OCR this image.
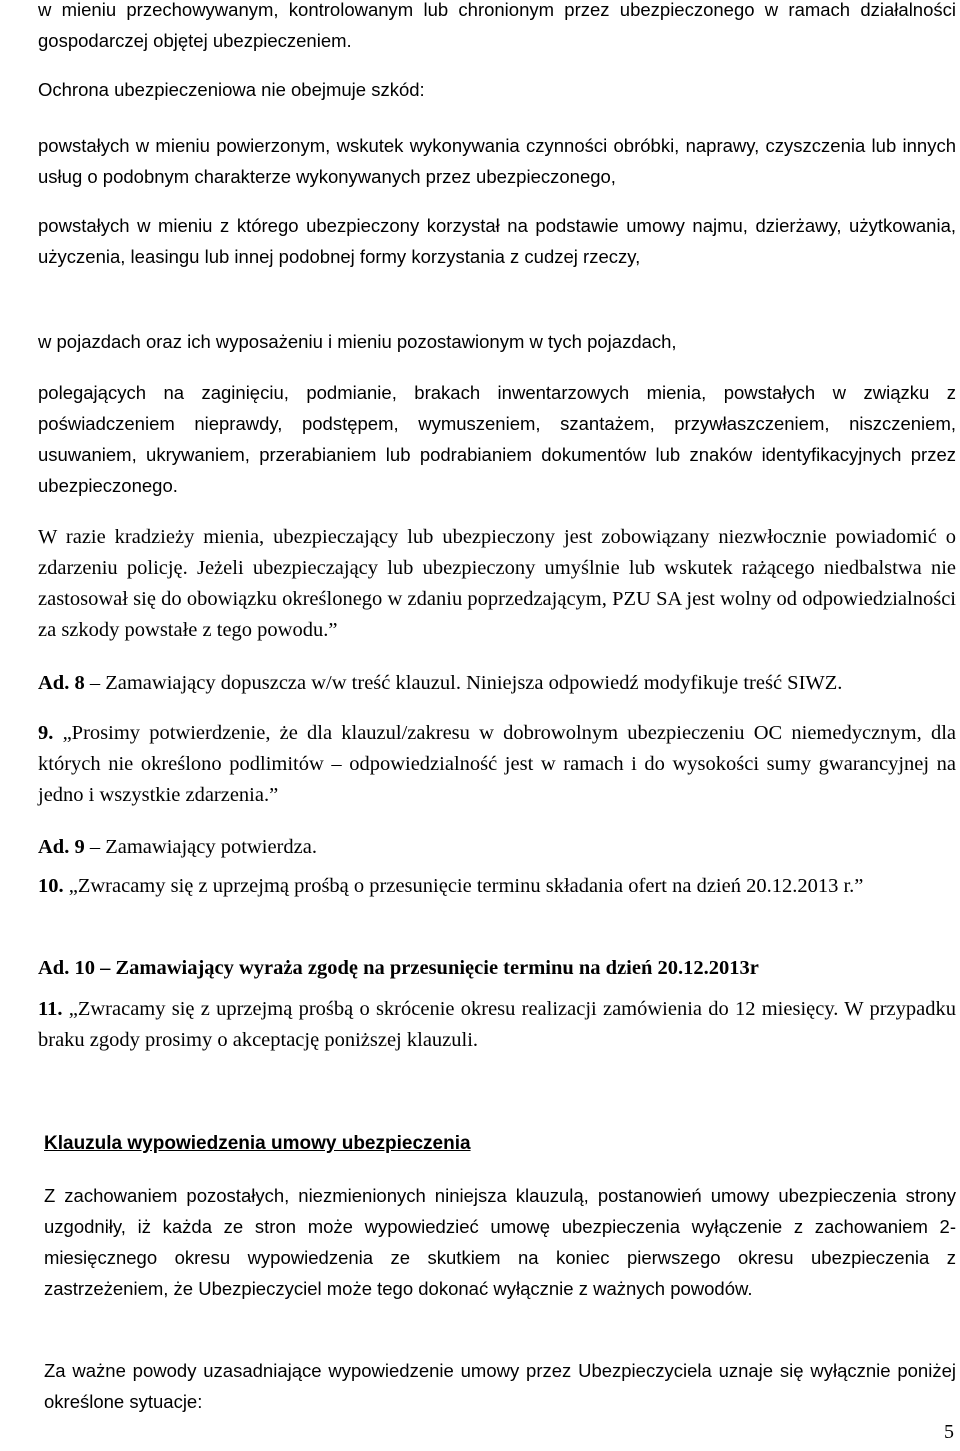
w mieniu przechowywanym, kontrolowanym lub chronionym przez ubezpieczonego w ramach działalności gospodarczej objętej ubezpieczeniem.

Ochrona ubezpieczeniowa nie obejmuje szkód:

powstałych w mieniu powierzonym, wskutek wykonywania czynności obróbki, naprawy, czyszczenia lub innych usług o podobnym charakterze wykonywanych przez ubezpieczonego,

powstałych w mieniu z którego ubezpieczony korzystał na podstawie umowy najmu, dzierżawy, użytkowania, użyczenia, leasingu lub innej podobnej formy korzystania z cudzej rzeczy,

w pojazdach oraz ich wyposażeniu i mieniu pozostawionym w tych pojazdach,

polegających na zaginięciu, podmianie, brakach inwentarzowych mienia, powstałych w związku z poświadczeniem nieprawdy, podstępem, wymuszeniem, szantażem, przywłaszczeniem, niszczeniem, usuwaniem, ukrywaniem, przerabianiem lub podrabianiem dokumentów lub znaków identyfikacyjnych przez ubezpieczonego.

W razie kradzieży mienia, ubezpieczający lub ubezpieczony jest zobowiązany niezwłocznie powiadomić o zdarzeniu policję. Jeżeli ubezpieczający lub ubezpieczony umyślnie lub wskutek rażącego niedbalstwa nie zastosował się do obowiązku określonego w zdaniu poprzedzającym, PZU SA jest wolny od odpowiedzialności za szkody powstałe z tego powodu.”

Ad. 8 – Zamawiający dopuszcza w/w treść klauzul. Niniejsza odpowiedź modyfikuje treść SIWZ.

9. „Prosimy potwierdzenie, że dla klauzul/zakresu w dobrowolnym ubezpieczeniu OC niemedycznym, dla których nie określono podlimitów – odpowiedzialność jest w ramach i do wysokości sumy gwarancyjnej na jedno i wszystkie zdarzenia.”

Ad. 9 – Zamawiający potwierdza.

10. „Zwracamy się z uprzejmą prośbą o przesunięcie terminu składania ofert na dzień 20.12.2013 r.”

Ad. 10 – Zamawiający wyraża zgodę na przesunięcie terminu na dzień 20.12.2013r

11. „Zwracamy się z uprzejmą prośbą o skrócenie okresu realizacji zamówienia do 12 miesięcy. W przypadku braku zgody prosimy o akceptację poniższej klauzuli.

Klauzula wypowiedzenia umowy ubezpieczenia

Z zachowaniem pozostałych, niezmienionych niniejsza klauzulą, postanowień umowy ubezpieczenia strony uzgodniły, iż każda ze stron może wypowiedzieć umowę ubezpieczenia wyłączenie z zachowaniem 2-miesięcznego okresu wypowiedzenia ze skutkiem na koniec pierwszego okresu ubezpieczenia z zastrzeżeniem, że Ubezpieczyciel może tego dokonać wyłącznie z ważnych powodów.

Za ważne powody uzasadniające wypowiedzenie umowy przez Ubezpieczyciela uznaje się wyłącznie poniżej określone sytuacje:

5
